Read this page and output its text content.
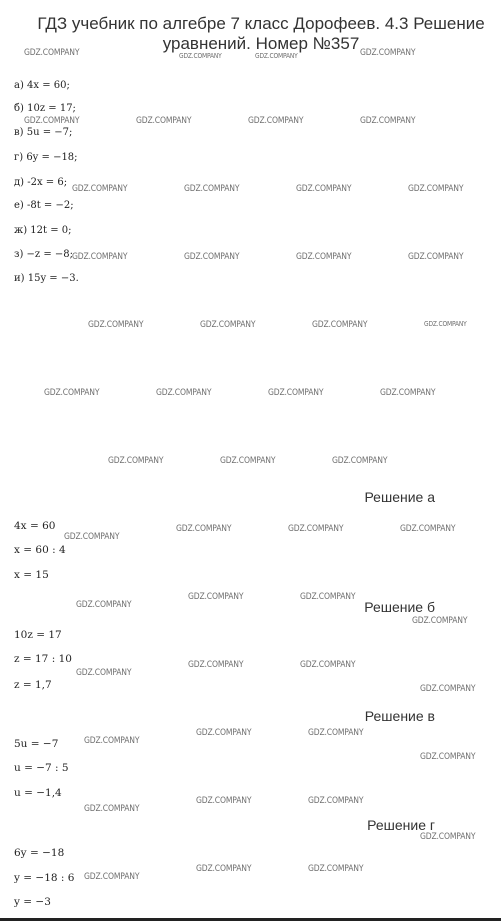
ГДЗ учебник по алгебре 7 класс Дорофеев. 4.3 Решение уравнений. Номер №357
а) 4x = 60;
б) 10z = 17;
в) 5u = −7;
г) 6y = −18;
д) -2x = 6;
е) -8t = −2;
ж) 12t = 0;
з) −z = −8;
и) 15y = −3.
Решение а
4x = 60
x = 60 : 4
x = 15
Решение б
10z = 17
z = 17 : 10
z = 1,7
Решение в
5u = −7
u = −7 : 5
u = −1,4
Решение г
6y = −18
y = −18 : 6
y = −3
GDZ.COMPANY	GDZ.COMPANY	GDZ.COMPANY	GDZ.COMPANY
GDZ.COMPANY	GDZ.COMPANY	GDZ.COMPANY	GDZ.COMPANY
GDZ.COMPANY	GDZ.COMPANY	GDZ.COMPANY	GDZ.COMPANY
GDZ.COMPANY	GDZ.COMPANY	GDZ.COMPANY	GDZ.COMPANY
GDZ.COMPANY	GDZ.COMPANY	GDZ.COMPANY	GDZ.COMPANY
GDZ.COMPANY	GDZ.COMPANY	GDZ.COMPANY	GDZ.COMPANY
GDZ.COMPANY	GDZ.COMPANY	GDZ.COMPANY
GDZ.COMPANY
GDZ.COMPANY	GDZ.COMPANY	GDZ.COMPANY
GDZ.COMPANY
GDZ.COMPANY	GDZ.COMPANY
GDZ.COMPANY
GDZ.COMPANY
GDZ.COMPANY	GDZ.COMPANY
GDZ.COMPANY
GDZ.COMPANY
GDZ.COMPANY	GDZ.COMPANY
GDZ.COMPANY
GDZ.COMPANY
GDZ.COMPANY	GDZ.COMPANY
GDZ.COMPANY
GDZ.COMPANY
GDZ.COMPANY	GDZ.COMPANY
